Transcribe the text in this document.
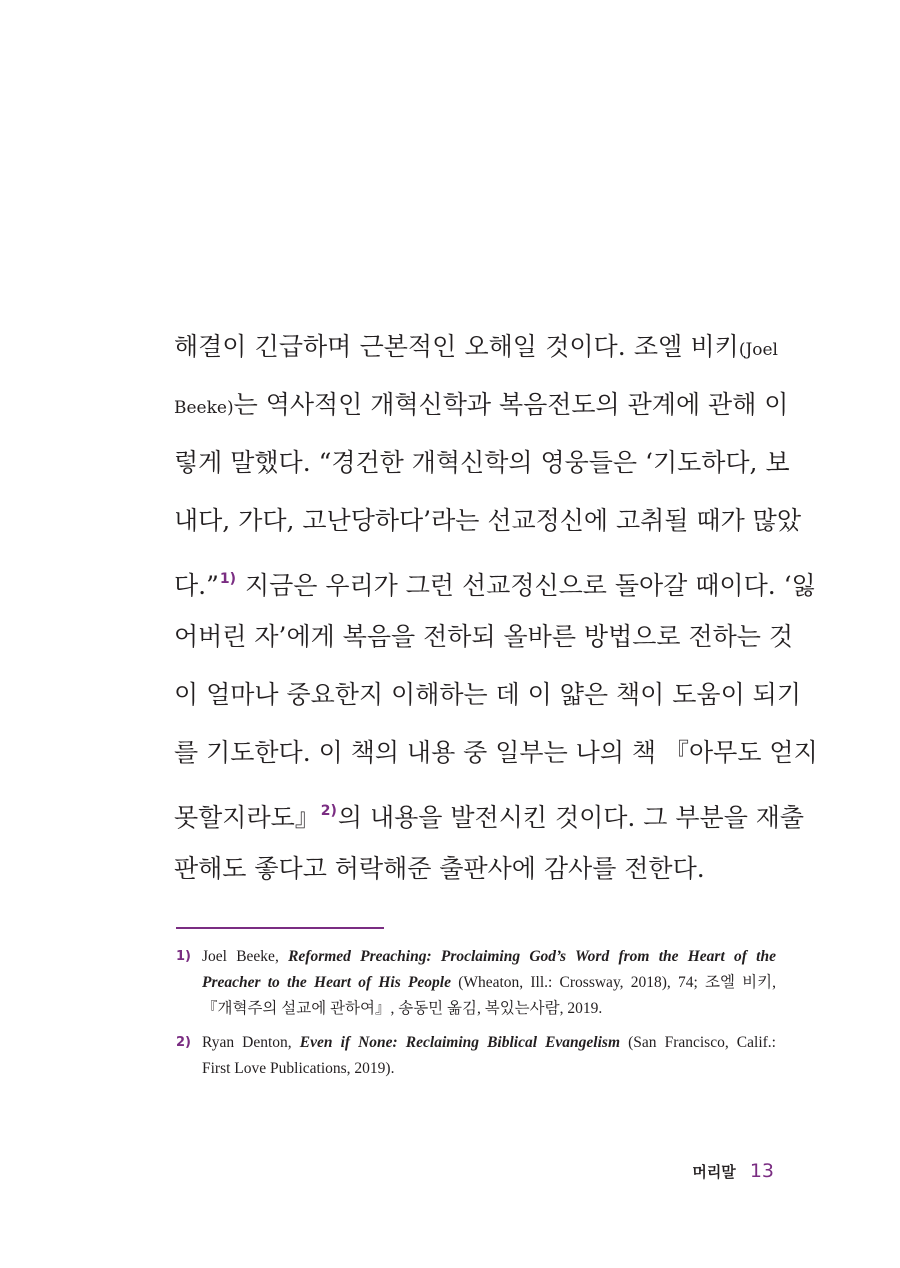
해결이 긴급하며 근본적인 오해일 것이다. 조엘 비키(Joel
Beeke)는 역사적인 개혁신학과 복음전도의 관계에 관해 이
렇게 말했다. “경건한 개혁신학의 영웅들은 ‘기도하다, 보
내다, 가다, 고난당하다’라는 선교정신에 고취될 때가 많았
다.”$^{1)}$ 지금은 우리가 그런 선교정신으로 돌아갈 때이다. ‘잃
어버린 자’에게 복음을 전하되 올바른 방법으로 전하는 것
이 얼마나 중요한지 이해하는 데 이 얇은 책이 도움이 되기
를 기도한다. 이 책의 내용 중 일부는 나의 책 『아무도 얻지
못할지라도』$^{2)}$의 내용을 발전시킨 것이다. 그 부분을 재출
판해도 좋다고 허락해준 출판사에 감사를 전한다.
1) Joel Beeke, Reformed Preaching: Proclaiming God’s Word from the Heart of the
Preacher to the Heart of His People (Wheaton, Ill.: Crossway, 2018), 74; 조엘 비키,
『개혁주의 설교에 관하여』, 송동민 옮김, 복있는사람, 2019.
2) Ryan Denton, Even if None: Reclaiming Biblical Evangelism (San Francisco, Calif.:
First Love Publications, 2019).
머리말 13
